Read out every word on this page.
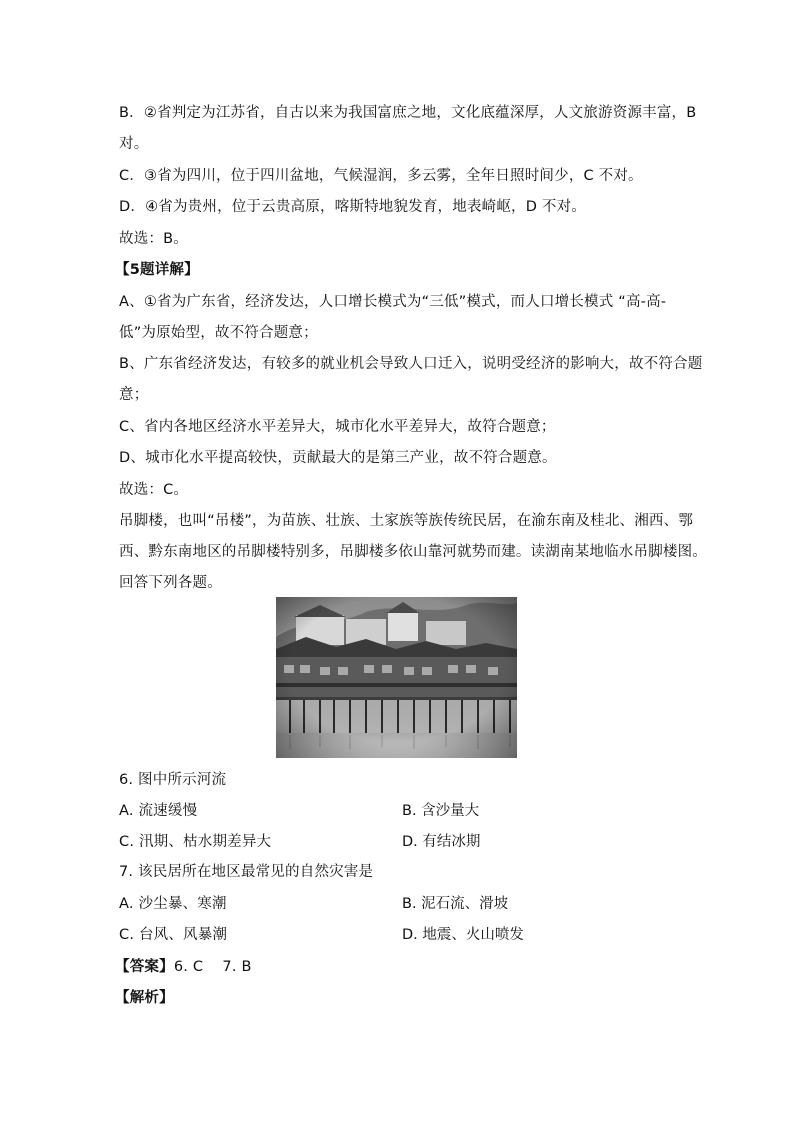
B．②省判定为江苏省，自古以来为我国富庶之地，文化底蕴深厚，人文旅游资源丰富，B
对。
C．③省为四川，位于四川盆地，气候湿润，多云雾，全年日照时间少，C 不对。
D．④省为贵州，位于云贵高原，喀斯特地貌发育，地表崎岖，D 不对。
故选：B。
【5题详解】
A、①省为广东省，经济发达，人口增长模式为“三低”模式，而人口增长模式 “高-高-
低”为原始型，故不符合题意；
B、广东省经济发达，有较多的就业机会导致人口迁入，说明受经济的影响大，故不符合题
意；
C、省内各地区经济水平差异大，城市化水平差异大，故符合题意；
D、城市化水平提高较快，贡献最大的是第三产业，故不符合题意。
故选：C。
吊脚楼，也叫“吊楼”，为苗族、壮族、土家族等族传统民居，在渝东南及桂北、湘西、鄂
西、黔东南地区的吊脚楼特别多，吊脚楼多依山靠河就势而建。读湖南某地临水吊脚楼图。
回答下列各题。
6. 图中所示河流
A. 流速缓慢	B. 含沙量大
C. 汛期、枯水期差异大	D. 有结冰期
7. 该民居所在地区最常见的自然灾害是
A. 沙尘暴、寒潮	B. 泥石流、滑坡
C. 台风、风暴潮	D. 地震、火山喷发
【答案】6. C    7. B
【解析】
